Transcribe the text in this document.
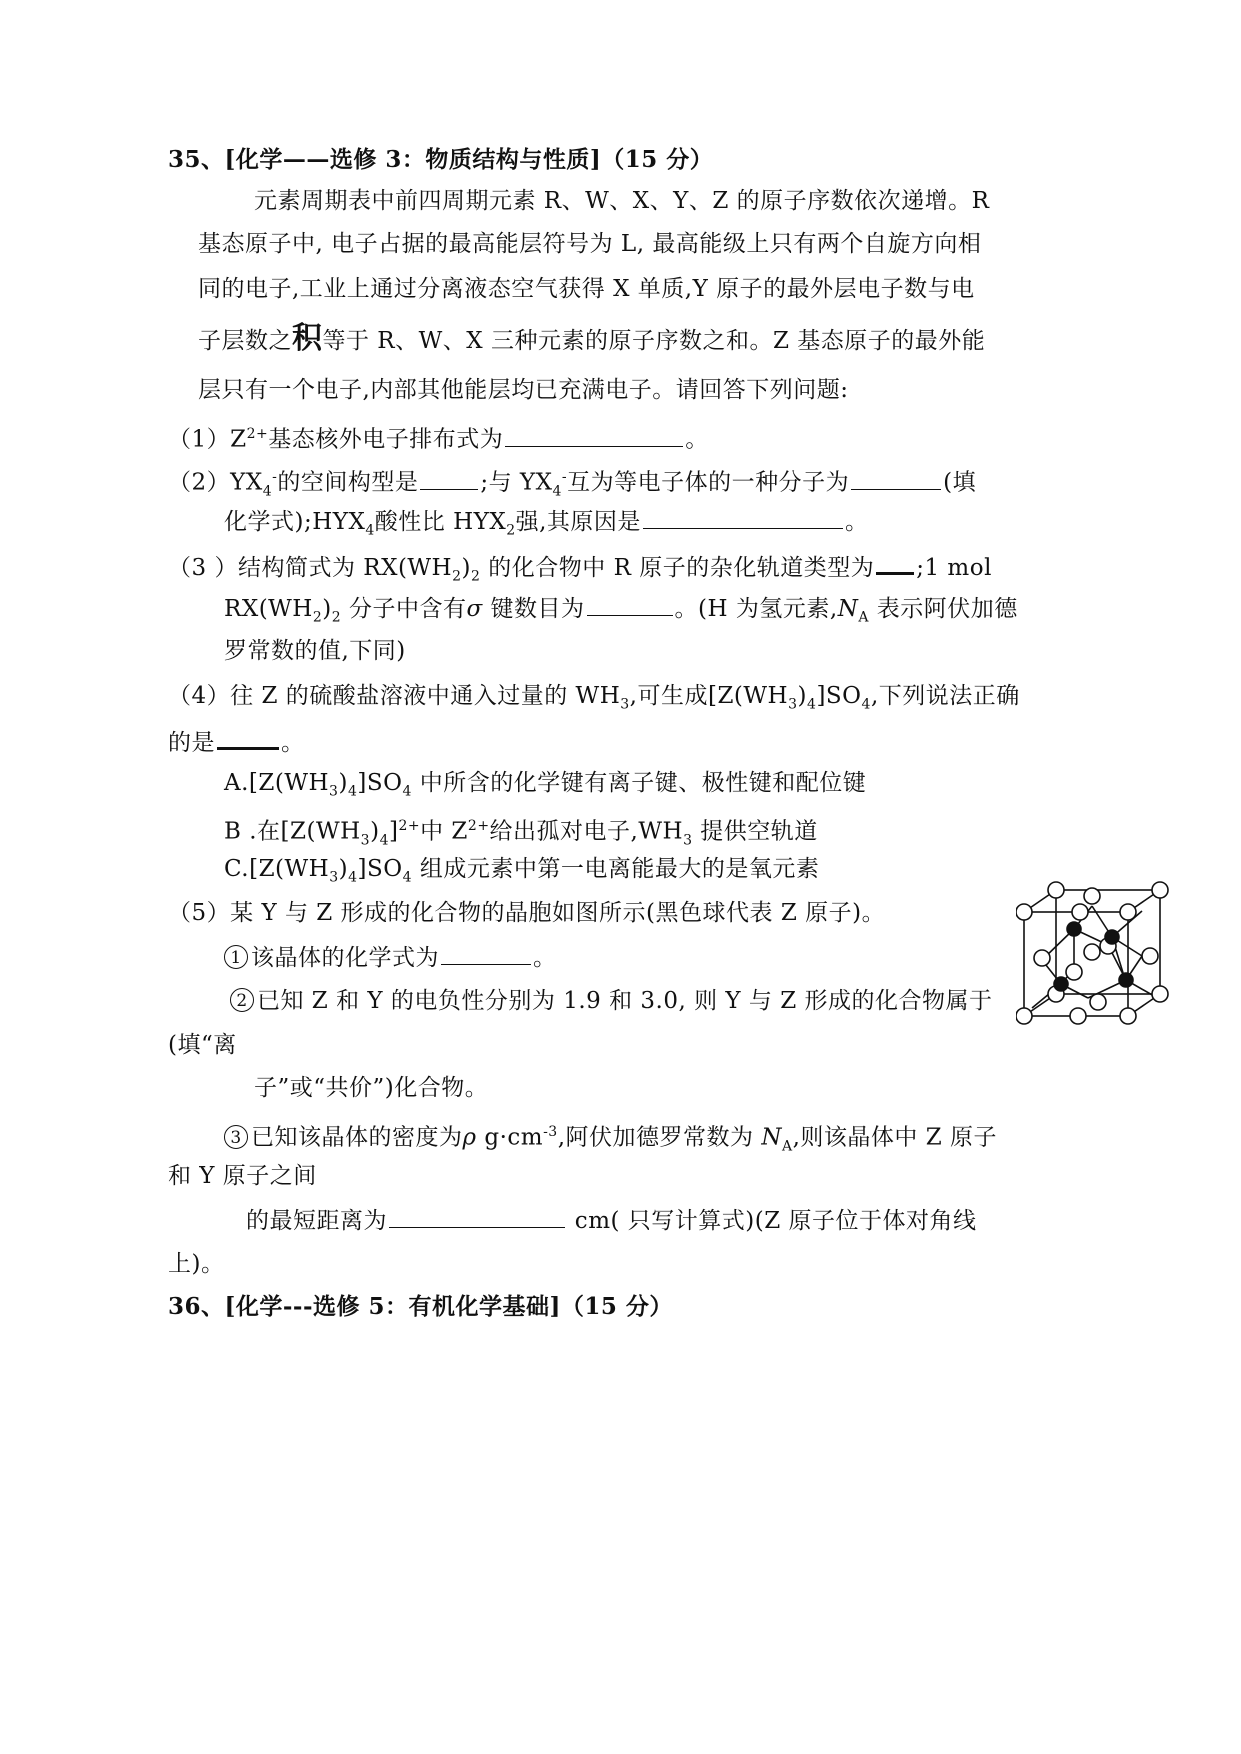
35、[化学——选修 3：物质结构与性质]（15 分）
元素周期表中前四周期元素 R、W、X、Y、Z 的原子序数依次递增。R
基态原子中, 电子占据的最高能层符号为 L, 最高能级上只有两个自旋方向相
同的电子,工业上通过分离液态空气获得 X 单质,Y 原子的最外层电子数与电
子层数之积等于 R、W、X 三种元素的原子序数之和。Z 基态原子的最外能
层只有一个电子,内部其他能层均已充满电子。请回答下列问题:
$(1)Z^{2+}$基态核外电子排布式为	。
$(2)YX_4^-$的空间构型是	;与 $YX_4^-$互为等电子体的一种分子为	(填
化学式)$;HYX_4$酸性比 $HYX_2$强,其原因是	。
（3 ）结构简式为 $RX(WH_2)_2$ 的化合物中 R 原子的杂化轨道类型为 ;1 mol
$RX(WH_2)_2$ 分子中含有σ 键数目为	。(H 为氢元素$,N_A$ 表示阿伏加德
罗常数的值,下同)
（4）往 Z 的硫酸盐溶液中通入过量的 $WH_3$,可生成$[Z(WH_3)_4]SO_4$,下列说法正确
的是	。
$A.[Z(WH_3)_4]SO_4$ 中所含的化学键有离子键、极性键和配位键
B .在$[Z(WH_3)_4]^{2+}$中 $Z^{2+}$给出孤对电子$,WH_3$ 提供空轨道
$C.[Z(WH_3)_4]SO_4$ 组成元素中第一电离能最大的是氧元素
（5）某 Y 与 Z 形成的化合物的晶胞如图所示(黑色球代表 Z 原子)。
1 该晶体的化学式为	。
2 已知 Z 和 Y 的电负性分别为 1.9 和 3.0, 则 Y 与 Z 形成的化合物属于
(填“离
子”或“共价”)化合物。
3 已知该晶体的密度为ρ $g\cdot cm^{-3}$,阿伏加德罗常数为 $N_A$,则该晶体中 Z 原子
和 Y 原子之间
的最短距离为	cm( 只写计算式)(Z 原子位于体对角线
上)。
36、[化学---选修 5：有机化学基础]（15 分）
